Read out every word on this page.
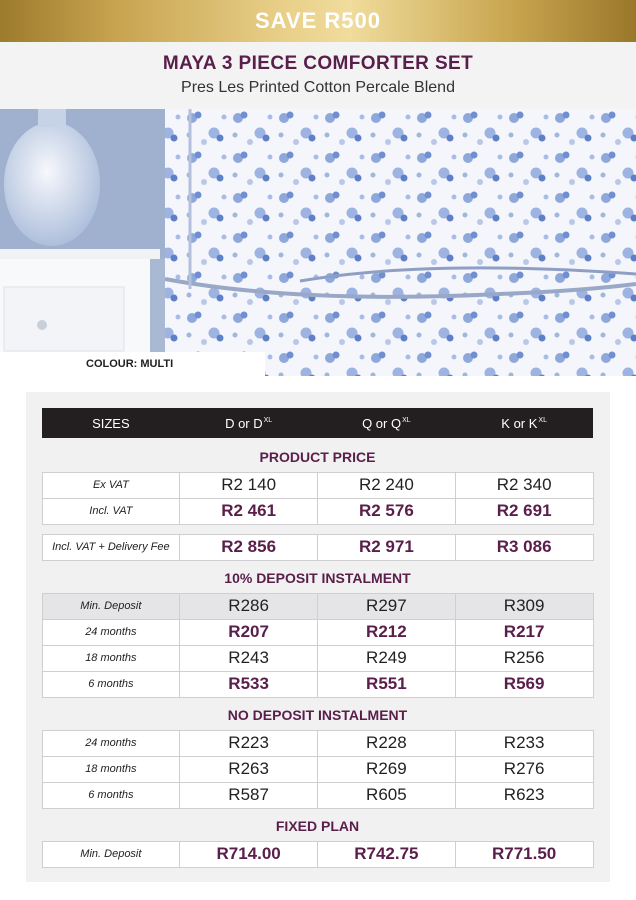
SAVE R500
MAYA 3 PIECE COMFORTER SET
Pres Les Printed Cotton Percale Blend
COLOUR: MULTI
SIZES	D or $D^{XL}$	Q or $Q^{XL}$	K or $K^{XL}$
PRODUCT PRICE
Ex VAT	R2 140	R2 240	R2 340
Incl. VAT	R2 461	R2 576	R2 691
Incl. VAT + Delivery Fee	R2 856	R2 971	R3 086
10% DEPOSIT INSTALMENT
Min. Deposit	R286	R297	R309
24 months	R207	R212	R217
18 months	R243	R249	R256
6 months	R533	R551	R569
NO DEPOSIT INSTALMENT
24 months	R223	R228	R233
18 months	R263	R269	R276
6 months	R587	R605	R623
FIXED PLAN
Min. Deposit	R714.00	R742.75	R771.50
